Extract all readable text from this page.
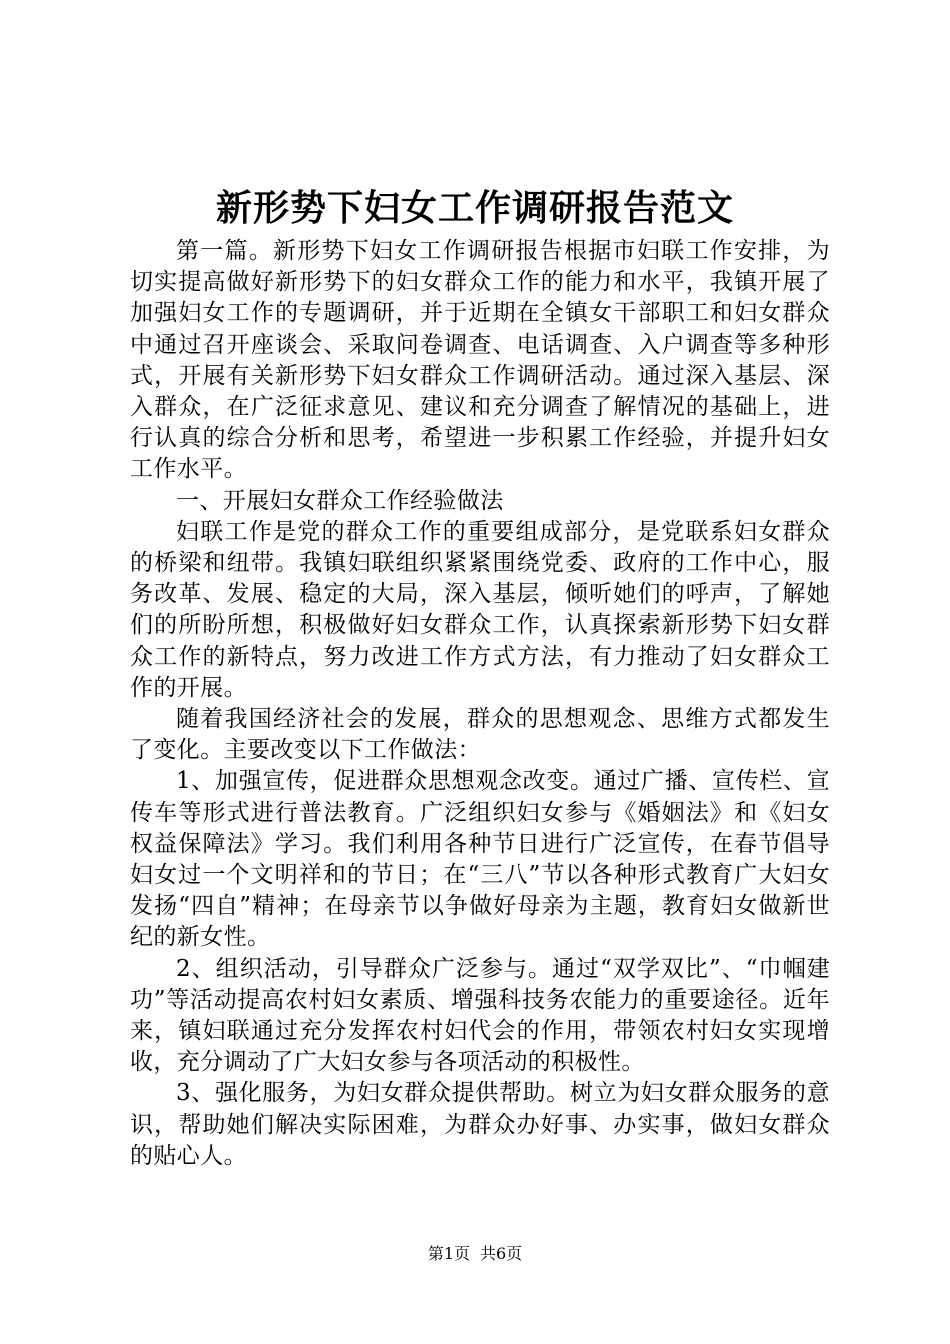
新形势下妇女工作调研报告范文

第一篇。新形势下妇女工作调研报告根据市妇联工作安排，为切实提高做好新形势下的妇女群众工作的能力和水平，我镇开展了加强妇女工作的专题调研，并于近期在全镇女干部职工和妇女群众中通过召开座谈会、采取问卷调查、电话调查、入户调查等多种形式，开展有关新形势下妇女群众工作调研活动。通过深入基层、深入群众，在广泛征求意见、建议和充分调查了解情况的基础上，进行认真的综合分析和思考，希望进一步积累工作经验，并提升妇女工作水平。

一、开展妇女群众工作经验做法

妇联工作是党的群众工作的重要组成部分，是党联系妇女群众的桥梁和纽带。我镇妇联组织紧紧围绕党委、政府的工作中心，服务改革、发展、稳定的大局，深入基层，倾听她们的呼声，了解她们的所盼所想，积极做好妇女群众工作，认真探索新形势下妇女群众工作的新特点，努力改进工作方式方法，有力推动了妇女群众工作的开展。

随着我国经济社会的发展，群众的思想观念、思维方式都发生了变化。主要改变以下工作做法：

1、加强宣传，促进群众思想观念改变。通过广播、宣传栏、宣传车等形式进行普法教育。广泛组织妇女参与《婚姻法》和《妇女权益保障法》学习。我们利用各种节日进行广泛宣传，在春节倡导妇女过一个文明祥和的节日；在“三八”节以各种形式教育广大妇女发扬“四自”精神；在母亲节以争做好母亲为主题，教育妇女做新世纪的新女性。

2、组织活动，引导群众广泛参与。通过“双学双比”、“巾帼建功”等活动提高农村妇女素质、增强科技务农能力的重要途径。近年来，镇妇联通过充分发挥农村妇代会的作用，带领农村妇女实现增收，充分调动了广大妇女参与各项活动的积极性。

3、强化服务，为妇女群众提供帮助。树立为妇女群众服务的意识，帮助她们解决实际困难，为群众办好事、办实事，做妇女群众的贴心人。

第1页 共6页
